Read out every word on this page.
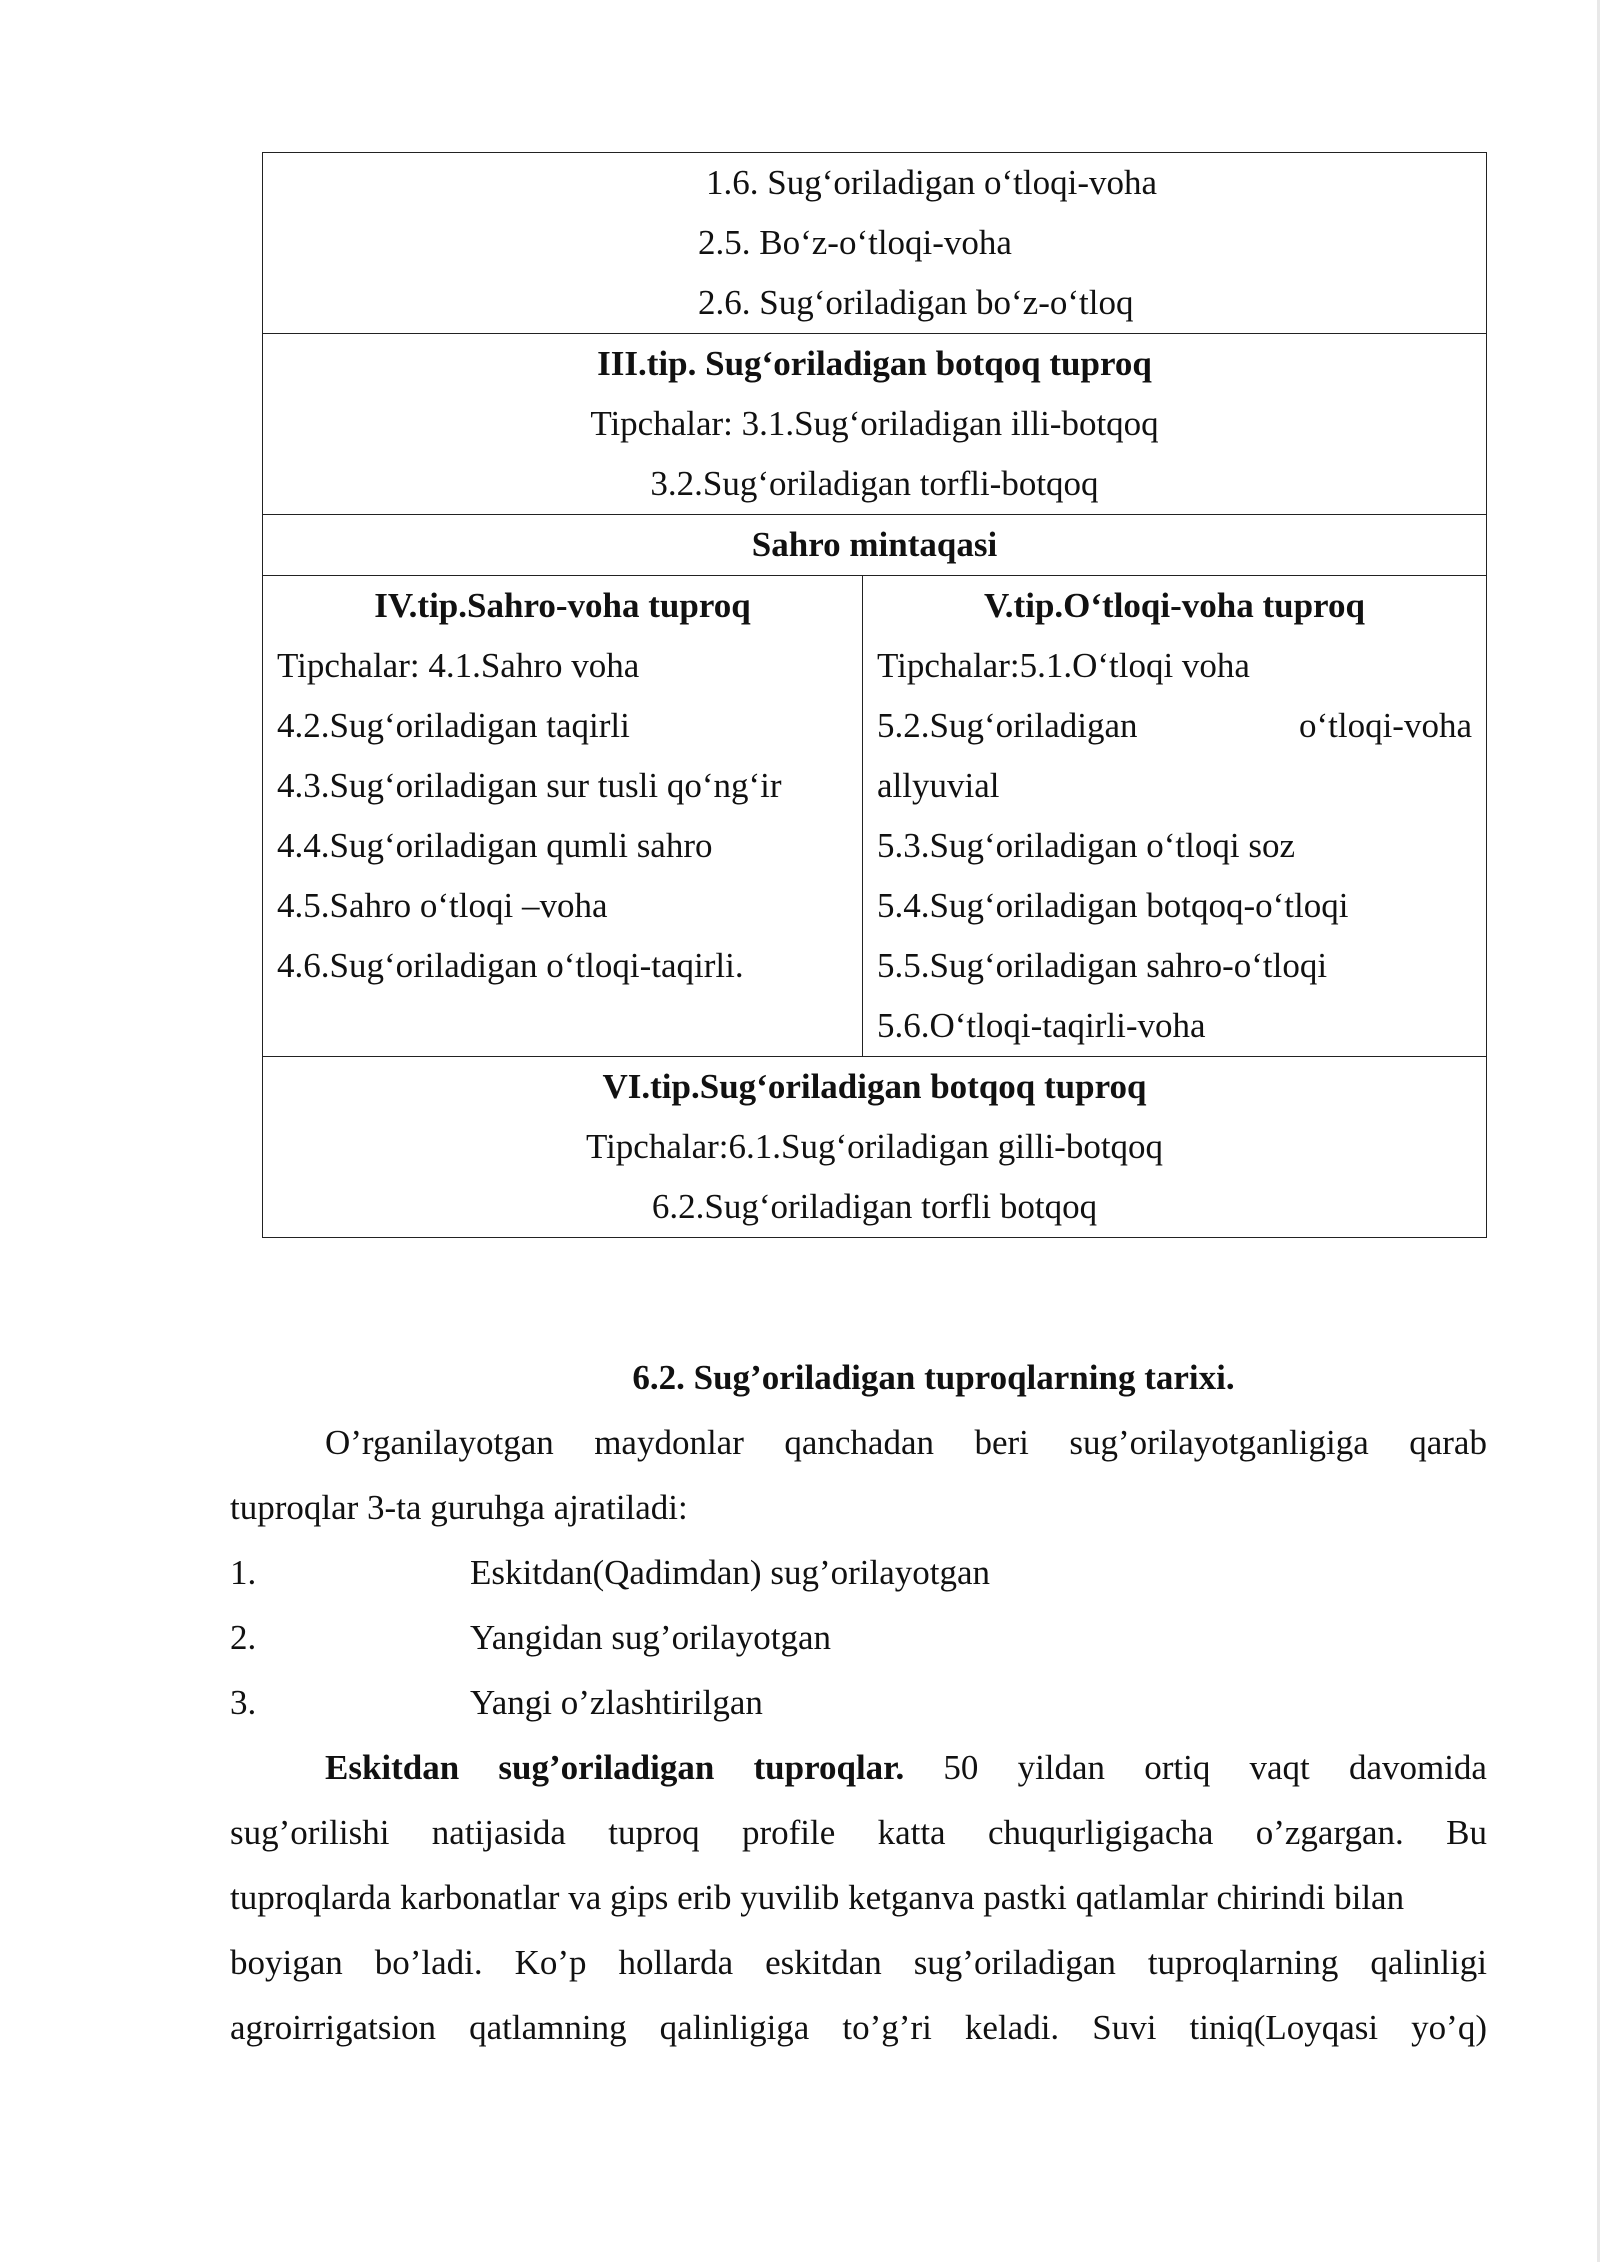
1.6. Sug‘oriladigan o‘tloqi-voha
2.5. Bo‘z-o‘tloqi-voha
2.6. Sug‘oriladigan bo‘z-o‘tloq
III.tip. Sug‘oriladigan botqoq tuproq
Tipchalar: 3.1.Sug‘oriladigan illi-botqoq
3.2.Sug‘oriladigan torfli-botqoq
Sahro mintaqasi
IV.tip.Sahro-voha tuproq
Tipchalar: 4.1.Sahro voha
4.2.Sug‘oriladigan taqirli
4.3.Sug‘oriladigan sur tusli qo‘ng‘ir
4.4.Sug‘oriladigan qumli sahro
4.5.Sahro o‘tloqi –voha
4.6.Sug‘oriladigan o‘tloqi-taqirli.
V.tip.O‘tloqi-voha tuproq
Tipchalar:5.1.O‘tloqi voha
5.2.Sug‘oriladigan	o‘tloqi-voha
allyuvial
5.3.Sug‘oriladigan o‘tloqi soz
5.4.Sug‘oriladigan botqoq-o‘tloqi
5.5.Sug‘oriladigan sahro-o‘tloqi
5.6.O‘tloqi-taqirli-voha
VI.tip.Sug‘oriladigan botqoq tuproq
Tipchalar:6.1.Sug‘oriladigan gilli-botqoq
6.2.Sug‘oriladigan torfli botqoq
6.2. Sug’oriladigan tuproqlarning tarixi.
O’rganilayotgan maydonlar qanchadan beri sug’orilayotganligiga qarab
tuproqlar 3-ta guruhga ajratiladi:
1.	Eskitdan(Qadimdan) sug’orilayotgan
2.	Yangidan sug’orilayotgan
3.	Yangi o’zlashtirilgan
Eskitdan sug’oriladigan tuproqlar. 50 yildan ortiq vaqt davomida
sug’orilishi natijasida tuproq profile katta chuqurligigacha o’zgargan. Bu
tuproqlarda karbonatlar va gips erib yuvilib ketganva pastki qatlamlar chirindi bilan
boyigan bo’ladi. Ko’p hollarda eskitdan sug’oriladigan tuproqlarning qalinligi
agroirrigatsion qatlamning qalinligiga to’g’ri keladi. Suvi tiniq(Loyqasi yo’q)
